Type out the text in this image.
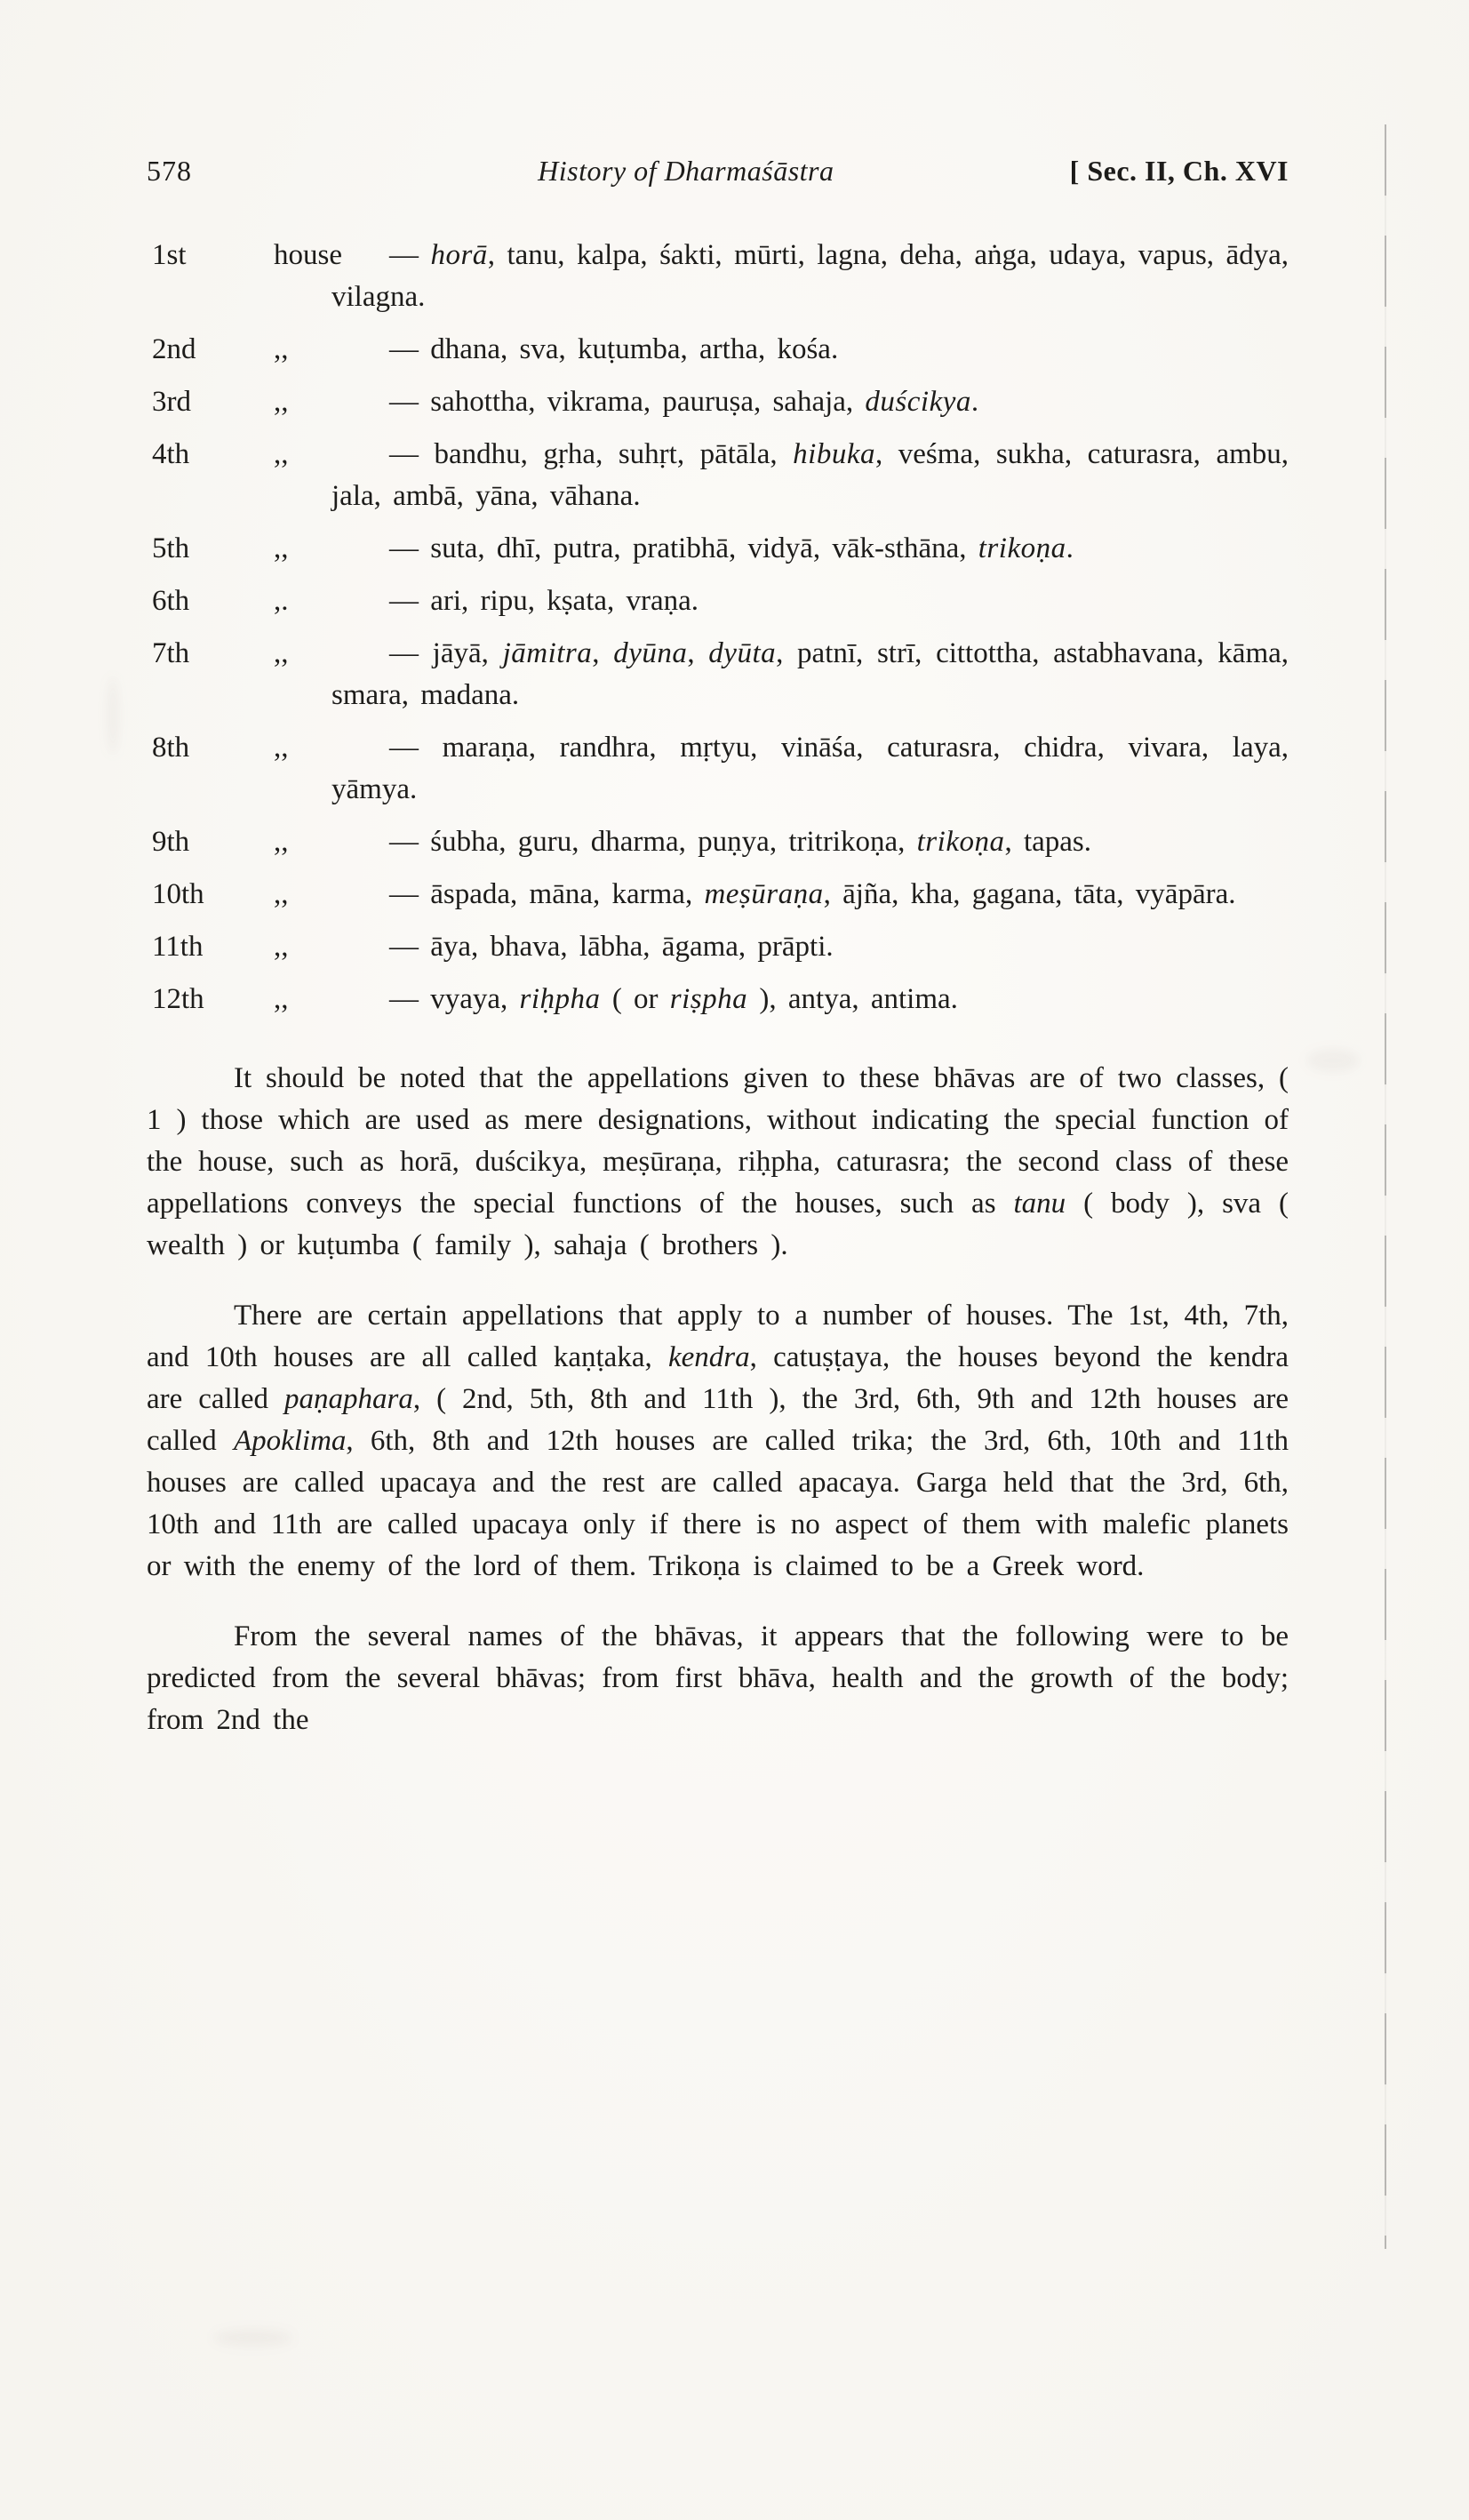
578	History of Dharmaśāstra	[ Sec. II, Ch. XVI
1st	house	— horā, tanu, kalpa, śakti, mūrti, lagna, deha, aṅga, udaya, vapus, ādya, vilagna.
2nd	,,	— dhana, sva, kuṭumba, artha, kośa.
3rd	,,	— sahottha, vikrama, pauruṣa, sahaja, duścikya.
4th	,,	— bandhu, gṛha, suhṛt, pātāla, hibuka, veśma, sukha, caturasra, ambu, jala, ambā, yāna, vāhana.
5th	,,	— suta, dhī, putra, pratibhā, vidyā, vāk-sthāna, trikoṇa.
6th	,.	— ari, ripu, kṣata, vraṇa.
7th	,,	— jāyā, jāmitra, dyūna, dyūta, patnī, strī, cittottha, astabhavana, kāma, smara, madana.
8th	,,	— maraṇa, randhra, mṛtyu, vināśa, caturasra, chidra, vivara, laya, yāmya.
9th	,,	— śubha, guru, dharma, puṇya, tritrikoṇa, trikoṇa, tapas.
10th	,,	— āspada, māna, karma, meṣūraṇa, ājña, kha, gagana, tāta, vyāpāra.
11th	,,	— āya, bhava, lābha, āgama, prāpti.
12th	,,	— vyaya, riḥpha ( or riṣpha ), antya, antima.

It should be noted that the appellations given to these bhāvas are of two classes, ( 1 ) those which are used as mere designations, without indicating the special function of the house, such as horā, duścikya, meṣūraṇa, riḥpha, caturasra; the second class of these appellations conveys the special functions of the houses, such as tanu ( body ), sva ( wealth ) or kuṭumba ( family ), sahaja ( brothers ).

There are certain appellations that apply to a number of houses. The 1st, 4th, 7th, and 10th houses are all called kaṇṭaka, kendra, catuṣṭaya, the houses beyond the kendra are called paṇaphara, ( 2nd, 5th, 8th and 11th ), the 3rd, 6th, 9th and 12th houses are called Apoklima, 6th, 8th and 12th houses are called trika; the 3rd, 6th, 10th and 11th houses are called upacaya and the rest are called apacaya. Garga held that the 3rd, 6th, 10th and 11th are called upacaya only if there is no aspect of them with malefic planets or with the enemy of the lord of them. Trikoṇa is claimed to be a Greek word.

From the several names of the bhāvas, it appears that the following were to be predicted from the several bhāvas; from first bhāva, health and the growth of the body; from 2nd the
